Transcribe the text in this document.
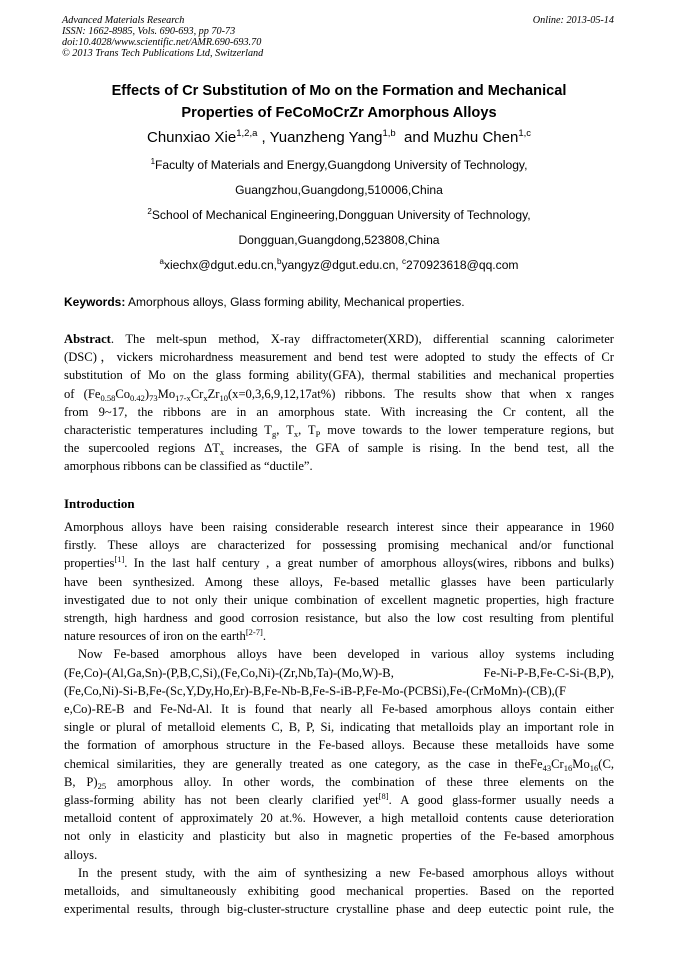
Advanced Materials Research
ISSN: 1662-8985, Vols. 690-693, pp 70-73
doi:10.4028/www.scientific.net/AMR.690-693.70
© 2013 Trans Tech Publications Ltd, Switzerland
Online: 2013-05-14
Effects of Cr Substitution of Mo on the Formation and Mechanical
Properties of FeCoMoCrZr Amorphous Alloys
Chunxiao Xie$^{1,2,a}$ , Yuanzheng Yang$^{1,b}$  and Muzhu Chen$^{1,c}$
$^1$Faculty of Materials and Energy,Guangdong University of Technology,
Guangzhou,Guangdong,510006,China
$^2$School of Mechanical Engineering,Dongguan University of Technology,
Dongguan,Guangdong,523808,China
$^a$xiechx@dgut.edu.cn,$^b$yangyz@dgut.edu.cn, $^c$270923618@qq.com
Keywords: Amorphous alloys, Glass forming ability, Mechanical properties.
Abstract. The melt-spun method, X-ray diffractometer(XRD), differential scanning calorimeter
(DSC)，vickers microhardness measurement and bend test were adopted to study the effects of Cr
substitution of Mo on the glass forming ability(GFA), thermal stabilities and mechanical properties
of $(Fe_{0.58}Co_{0.42})_{73}Mo_{17-x}Cr_xZr_{10}(x=0,3,6,9,12,17at\%)$ ribbons. The results show that when x ranges
from 9~17, the ribbons are in an amorphous state. With increasing the Cr content, all the
characteristic temperatures including $T_g$, $T_x$, $T_P$ move towards to the lower temperature regions, but
the supercooled regions $\Delta T_x$ increases, the GFA of sample is rising. In the bend test, all the
amorphous ribbons can be classified as “ductile”.
Introduction
Amorphous alloys have been raising considerable research interest since their appearance in 1960
firstly. These alloys are characterized for possessing promising mechanical and/or functional
properties[1]. In the last half century , a great number of amorphous alloys(wires, ribbons and bulks)
have been synthesized. Among these alloys, Fe-based metallic glasses have been particularly
investigated due to not only their unique combination of excellent magnetic properties, high fracture
strength, high hardness and good corrosion resistance, but also the low cost resulting from plentiful
nature resources of iron on the earth[2-7].
Now Fe-based amorphous alloys have been developed in various alloy systems including
(Fe,Co)-(Al,Ga,Sn)-(P,B,C,Si),(Fe,Co,Ni)-(Zr,Nb,Ta)-(Mo,W)-B,            Fe-Ni-P-B,Fe-C-Si-(B,P),
(Fe,Co,Ni)-Si-B,Fe-(Sc,Y,Dy,Ho,Er)-B,Fe-Nb-B,Fe-S-iB-P,Fe-Mo-(PCBSi),Fe-(CrMoMn)-(CB),(F
e,Co)-RE-B and Fe-Nd-Al. It is found that nearly all Fe-based amorphous alloys contain either
single or plural of metalloid elements C, B, P, Si, indicating that metalloids play an important role in
the formation of amorphous structure in the Fe-based alloys. Because these metalloids have some
chemical similarities, they are generally treated as one category, as the case in $theFe_{43}Cr_{16}Mo_{16}(C$,
B, $P)_{25}$ amorphous alloy. In other words, the combination of these three elements on the
glass-forming ability has not been clearly clarified yet[8]. A good glass-former usually needs a
metalloid content of approximately 20 at.%. However, a high metalloid contents cause deterioration
not only in elasticity and plasticity but also in magnetic properties of the Fe-based amorphous
alloys.
In the present study, with the aim of synthesizing a new Fe-based amorphous alloys without
metalloids, and simultaneously exhibiting good mechanical properties. Based on the reported
experimental results, through big-cluster-structure crystalline phase and deep eutectic point rule, the
